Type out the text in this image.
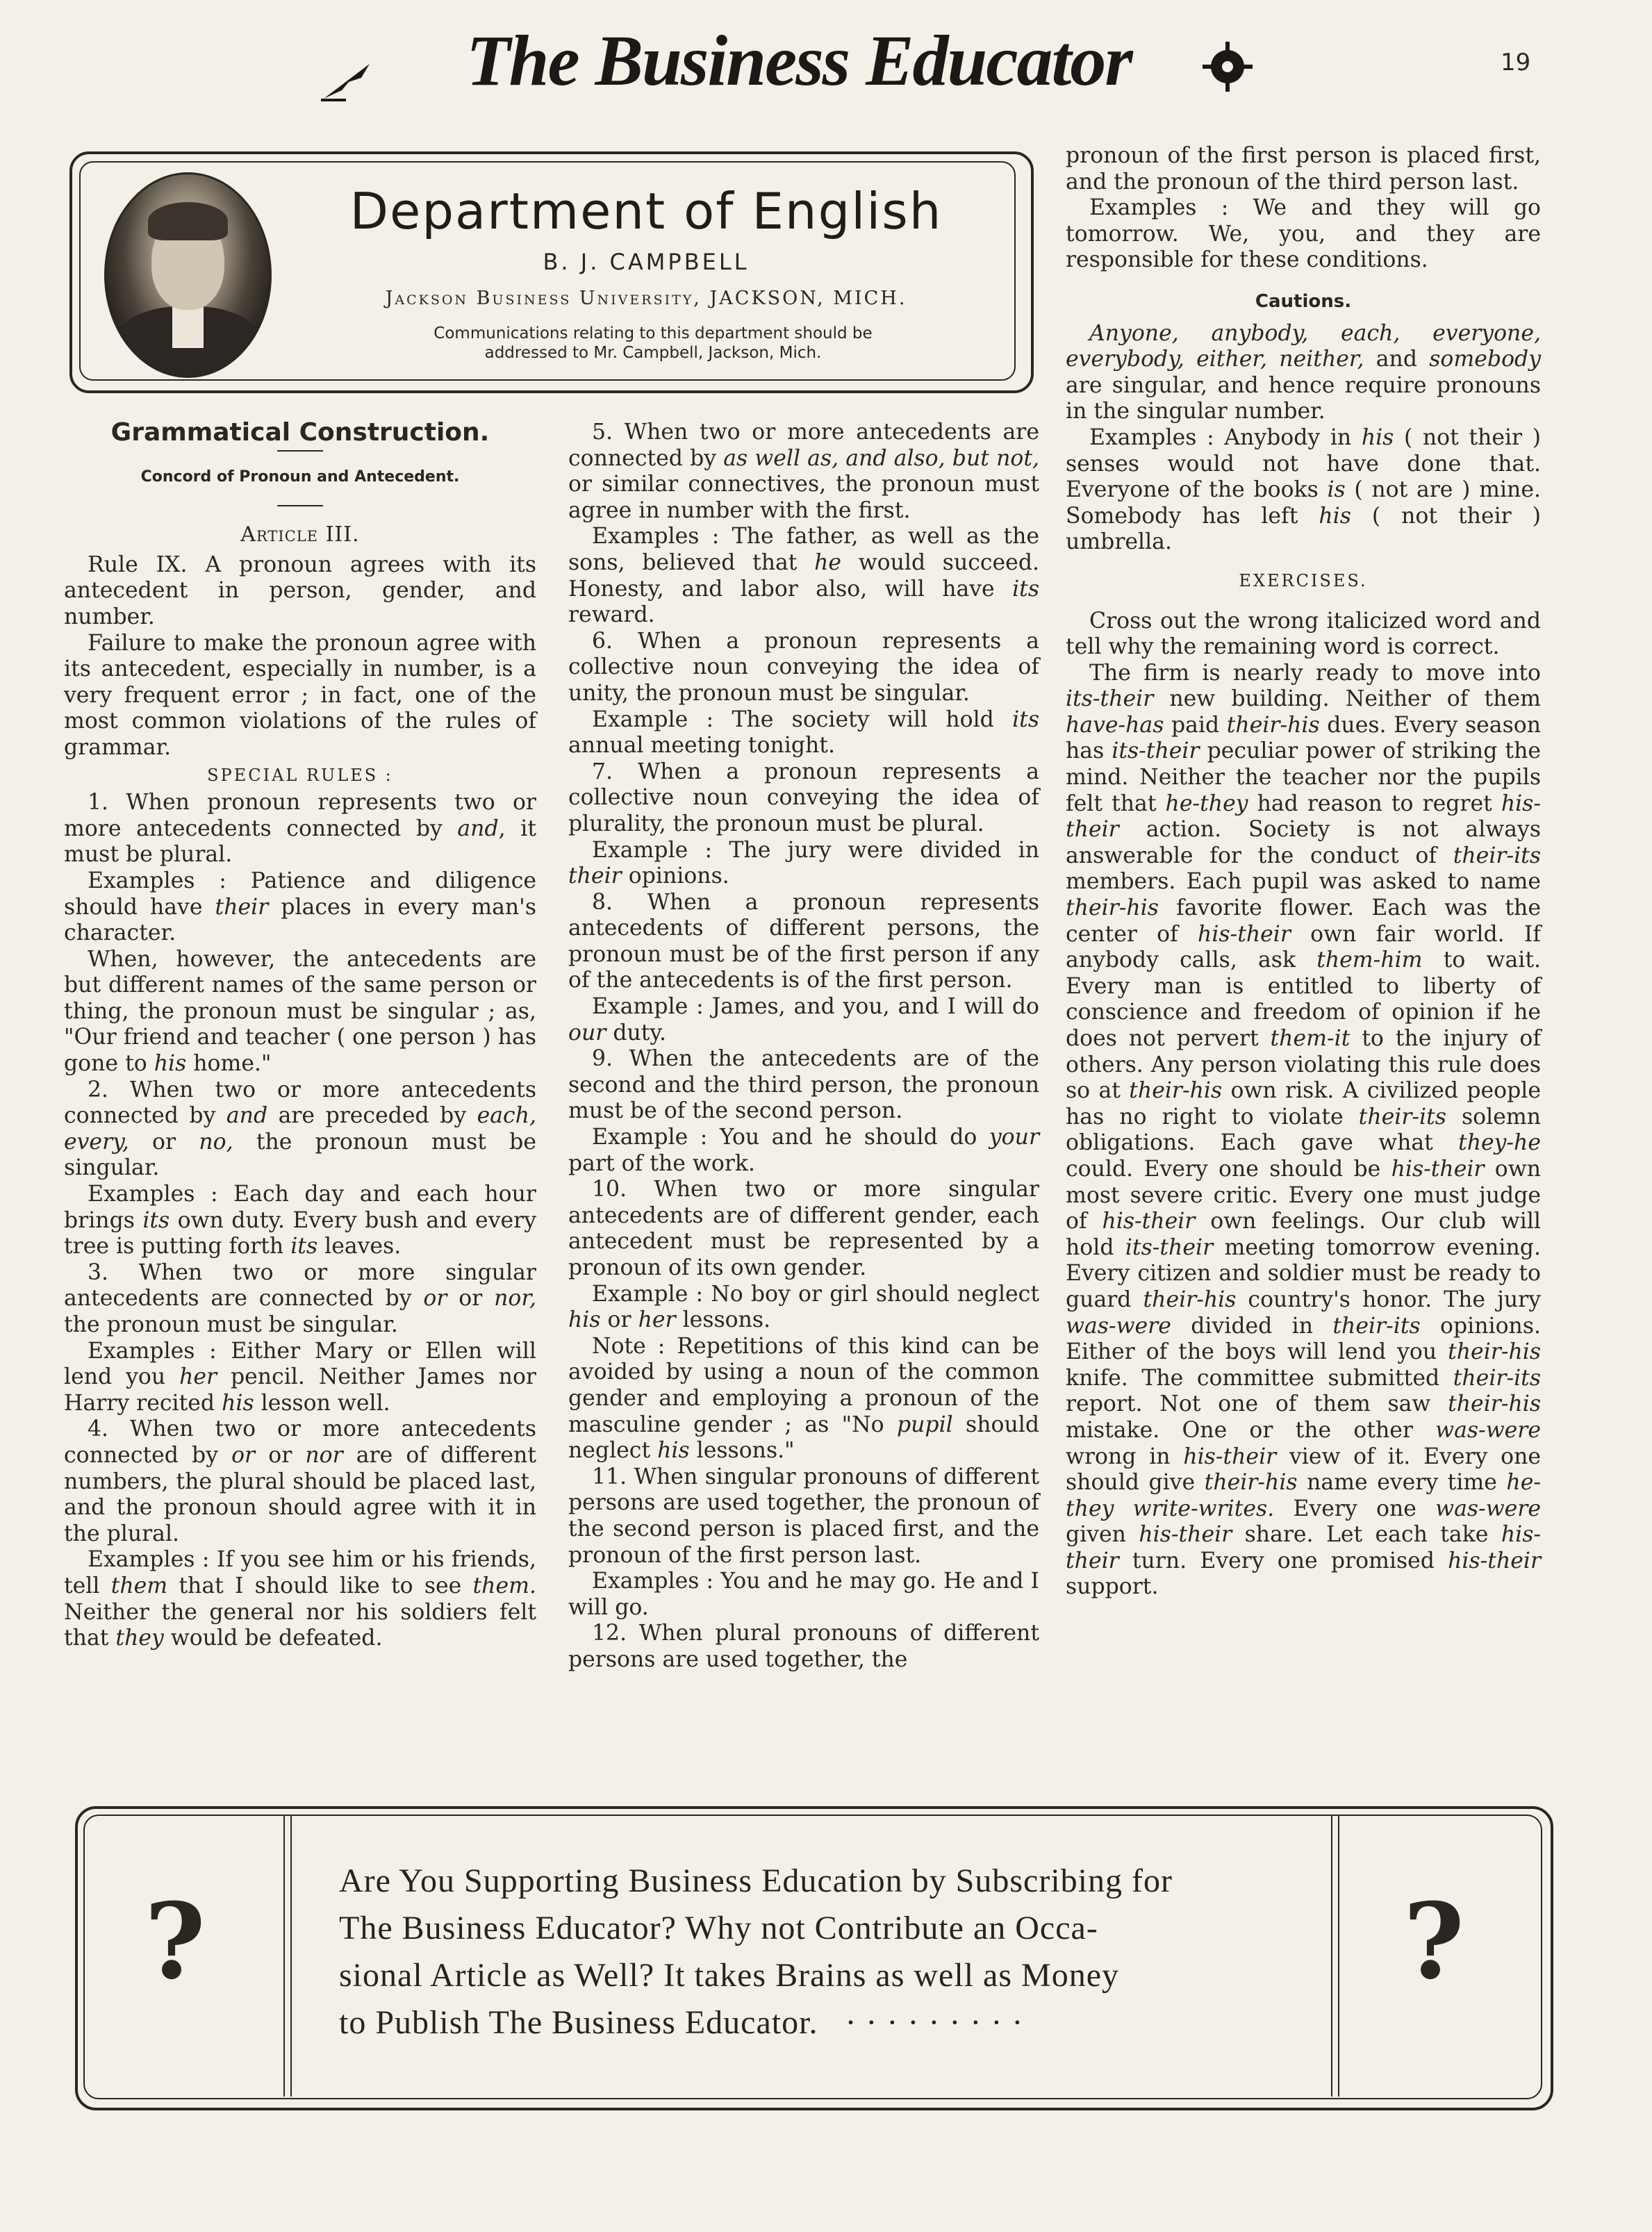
The Business Educator	19
Department of English
B. J. CAMPBELL
Jackson Business University, JACKSON, MICH.
Communications relating to this department should be
addressed to Mr. Campbell, Jackson, Mich.
Grammatical Construction.
Concord of Pronoun and Antecedent.
Article III.

Rule IX. A pronoun agrees with its antecedent in person, gender, and number.

Failure to make the pronoun agree with its antecedent, especially in number, is a very frequent error ; in fact, one of the most common violations of the rules of grammar.

SPECIAL RULES :

1. When pronoun represents two or more antecedents connected by and, it must be plural.

Examples : Patience and diligence should have their places in every man's character.

When, however, the antecedents are but different names of the same person or thing, the pronoun must be singular ; as, "Our friend and teacher ( one person ) has gone to his home."

2. When two or more antecedents connected by and are preceded by each, every, or no, the pronoun must be singular.

Examples : Each day and each hour brings its own duty. Every bush and every tree is putting forth its leaves.

3. When two or more singular antecedents are connected by or or nor, the pronoun must be singular.

Examples : Either Mary or Ellen will lend you her pencil. Neither James nor Harry recited his lesson well.

4. When two or more antecedents connected by or or nor are of different numbers, the plural should be placed last, and the pronoun should agree with it in the plural.

Examples : If you see him or his friends, tell them that I should like to see them. Neither the general nor his soldiers felt that they would be defeated.

5. When two or more antecedents are connected by as well as, and also, but not, or similar connectives, the pronoun must agree in number with the first.

Examples : The father, as well as the sons, believed that he would succeed. Honesty, and labor also, will have its reward.

6. When a pronoun represents a collective noun conveying the idea of unity, the pronoun must be singular.

Example : The society will hold its annual meeting tonight.

7. When a pronoun represents a collective noun conveying the idea of plurality, the pronoun must be plural.

Example : The jury were divided in their opinions.

8. When a pronoun represents antecedents of different persons, the pronoun must be of the first person if any of the antecedents is of the first person.

Example : James, and you, and I will do our duty.

9. When the antecedents are of the second and the third person, the pronoun must be of the second person.

Example : You and he should do your part of the work.

10. When two or more singular antecedents are of different gender, each antecedent must be represented by a pronoun of its own gender.

Example : No boy or girl should neglect his or her lessons.

Note : Repetitions of this kind can be avoided by using a noun of the common gender and employing a pronoun of the masculine gender ; as "No pupil should neglect his lessons."

11. When singular pronouns of different persons are used together, the pronoun of the second person is placed first, and the pronoun of the first person last.

Examples : You and he may go. He and I will go.

12. When plural pronouns of different persons are used together, the

pronoun of the first person is placed first, and the pronoun of the third person last.

Examples : We and they will go tomorrow. We, you, and they are responsible for these conditions.

Cautions.

Anyone, anybody, each, everyone, everybody, either, neither, and somebody are singular, and hence require pronouns in the singular number.

Examples : Anybody in his ( not their ) senses would not have done that. Everyone of the books is ( not are ) mine. Somebody has left his ( not their ) umbrella.

EXERCISES.

Cross out the wrong italicized word and tell why the remaining word is correct.

The firm is nearly ready to move into its-their new building. Neither of them have-has paid their-his dues. Every season has its-their peculiar power of striking the mind. Neither the teacher nor the pupils felt that he-they had reason to regret his-their action. Society is not always answerable for the conduct of their-its members. Each pupil was asked to name their-his favorite flower. Each was the center of his-their own fair world. If anybody calls, ask them-him to wait. Every man is entitled to liberty of conscience and freedom of opinion if he does not pervert them-it to the injury of others. Any person violating this rule does so at their-his own risk. A civilized people has no right to violate their-its solemn obligations. Each gave what they-he could. Every one should be his-their own most severe critic. Every one must judge of his-their own feelings. Our club will hold its-their meeting tomorrow evening. Every citizen and soldier must be ready to guard their-his country's honor. The jury was-were divided in their-its opinions. Either of the boys will lend you their-his knife. The committee submitted their-its report. Not one of them saw their-his mistake. One or the other was-were wrong in his-their view of it. Every one should give their-his name every time he-they write-writes. Every one was-were given his-their share. Let each take his-their turn. Every one promised his-their support.

?	?
Are You Supporting Business Education by Subscribing for
The Business Educator? Why not Contribute an Occa-
sional Article as Well? It takes Brains as well as Money
to Publish The Business Educator. · · · · · · · · ·
